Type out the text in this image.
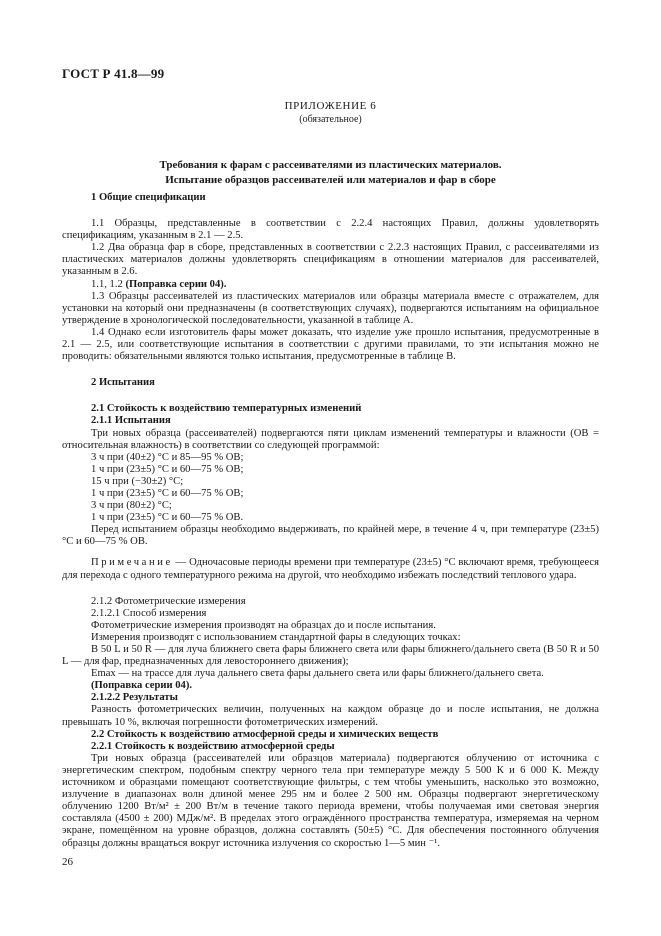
ГОСТ Р 41.8—99
ПРИЛОЖЕНИЕ 6
(обязательное)
Требования к фарам с рассеивателями из пластических материалов.
Испытание образцов рассеивателей или материалов и фар в сборе

1 Общие спецификации

1.1 Образцы, представленные в соответствии с 2.2.4 настоящих Правил, должны удовлетворять спецификациям, указанным в 2.1 — 2.5.

1.2 Два образца фар в сборе, представленных в соответствии с 2.2.3 настоящих Правил, с рассеивателями из пластических материалов должны удовлетворять спецификациям в отношении материалов для рассеивателей, указанным в 2.6.

1.1, 1.2 (Поправка серии 04).

1.3 Образцы рассеивателей из пластических материалов или образцы материала вместе с отражателем, для установки на который они предназначены (в соответствующих случаях), подвергаются испытаниям на официальное утверждение в хронологической последовательности, указанной в таблице А.

1.4 Однако если изготовитель фары может доказать, что изделие уже прошло испытания, предусмотренные в 2.1 — 2.5, или соответствующие испытания в соответствии с другими правилами, то эти испытания можно не проводить: обязательными являются только испытания, предусмотренные в таблице В.

2 Испытания

2.1 Стойкость к воздействию температурных изменений

2.1.1 Испытания

Три новых образца (рассеивателей) подвергаются пяти циклам изменений температуры и влажности (ОВ = относительная влажность) в соответствии со следующей программой:

3 ч при (40±2) °С и 85—95 % ОВ;

1 ч при (23±5) °С и 60—75 % ОВ;

15 ч при (−30±2) °С;

1 ч при (23±5) °С и 60—75 % ОВ;

3 ч при (80±2) °С;

1 ч при (23±5) °С и 60—75 % ОВ.

Перед испытанием образцы необходимо выдерживать, по крайней мере, в течение 4 ч, при температуре (23±5) °С и 60—75 % ОВ.

Примечание — Одночасовые периоды времени при температуре (23±5) °С включают время, требующееся для перехода с одного температурного режима на другой, что необходимо избежать последствий теплового удара.

2.1.2 Фотометрические измерения

2.1.2.1 Способ измерения

Фотометрические измерения производят на образцах до и после испытания.

Измерения производят с использованием стандартной фары в следующих точках:

B 50 L и 50 R — для луча ближнего света фары ближнего света или фары ближнего/дальнего света (B 50 R и 50 L — для фар, предназначенных для левостороннего движения);

Emax — на трассе для луча дальнего света фары дальнего света или фары ближнего/дальнего света.

(Поправка серии 04).

2.1.2.2 Результаты

Разность фотометрических величин, полученных на каждом образце до и после испытания, не должна превышать 10 %, включая погрешности фотометрических измерений.

2.2 Стойкость к воздействию атмосферной среды и химических веществ

2.2.1 Стойкость к воздействию атмосферной среды

Три новых образца (рассеивателей или образцов материала) подвергаются облучению от источника с энергетическим спектром, подобным спектру черного тела при температуре между 5 500 К и 6 000 К. Между источником и образцами помещают соответствующие фильтры, с тем чтобы уменьшить, насколько это возможно, излучение в диапазонах волн длиной менее 295 нм и более 2 500 нм. Образцы подвергают энергетическому облучению 1200 Вт/м² ± 200 Вт/м в течение такого периода времени, чтобы получаемая ими световая энергия составляла (4500 ± 200) МДж/м². В пределах этого ограждённого пространства температура, измеряемая на черном экране, помещённом на уровне образцов, должна составлять (50±5) °С. Для обеспечения постоянного облучения образцы должны вращаться вокруг источника излучения со скоростью 1—5 мин ⁻¹.

26
